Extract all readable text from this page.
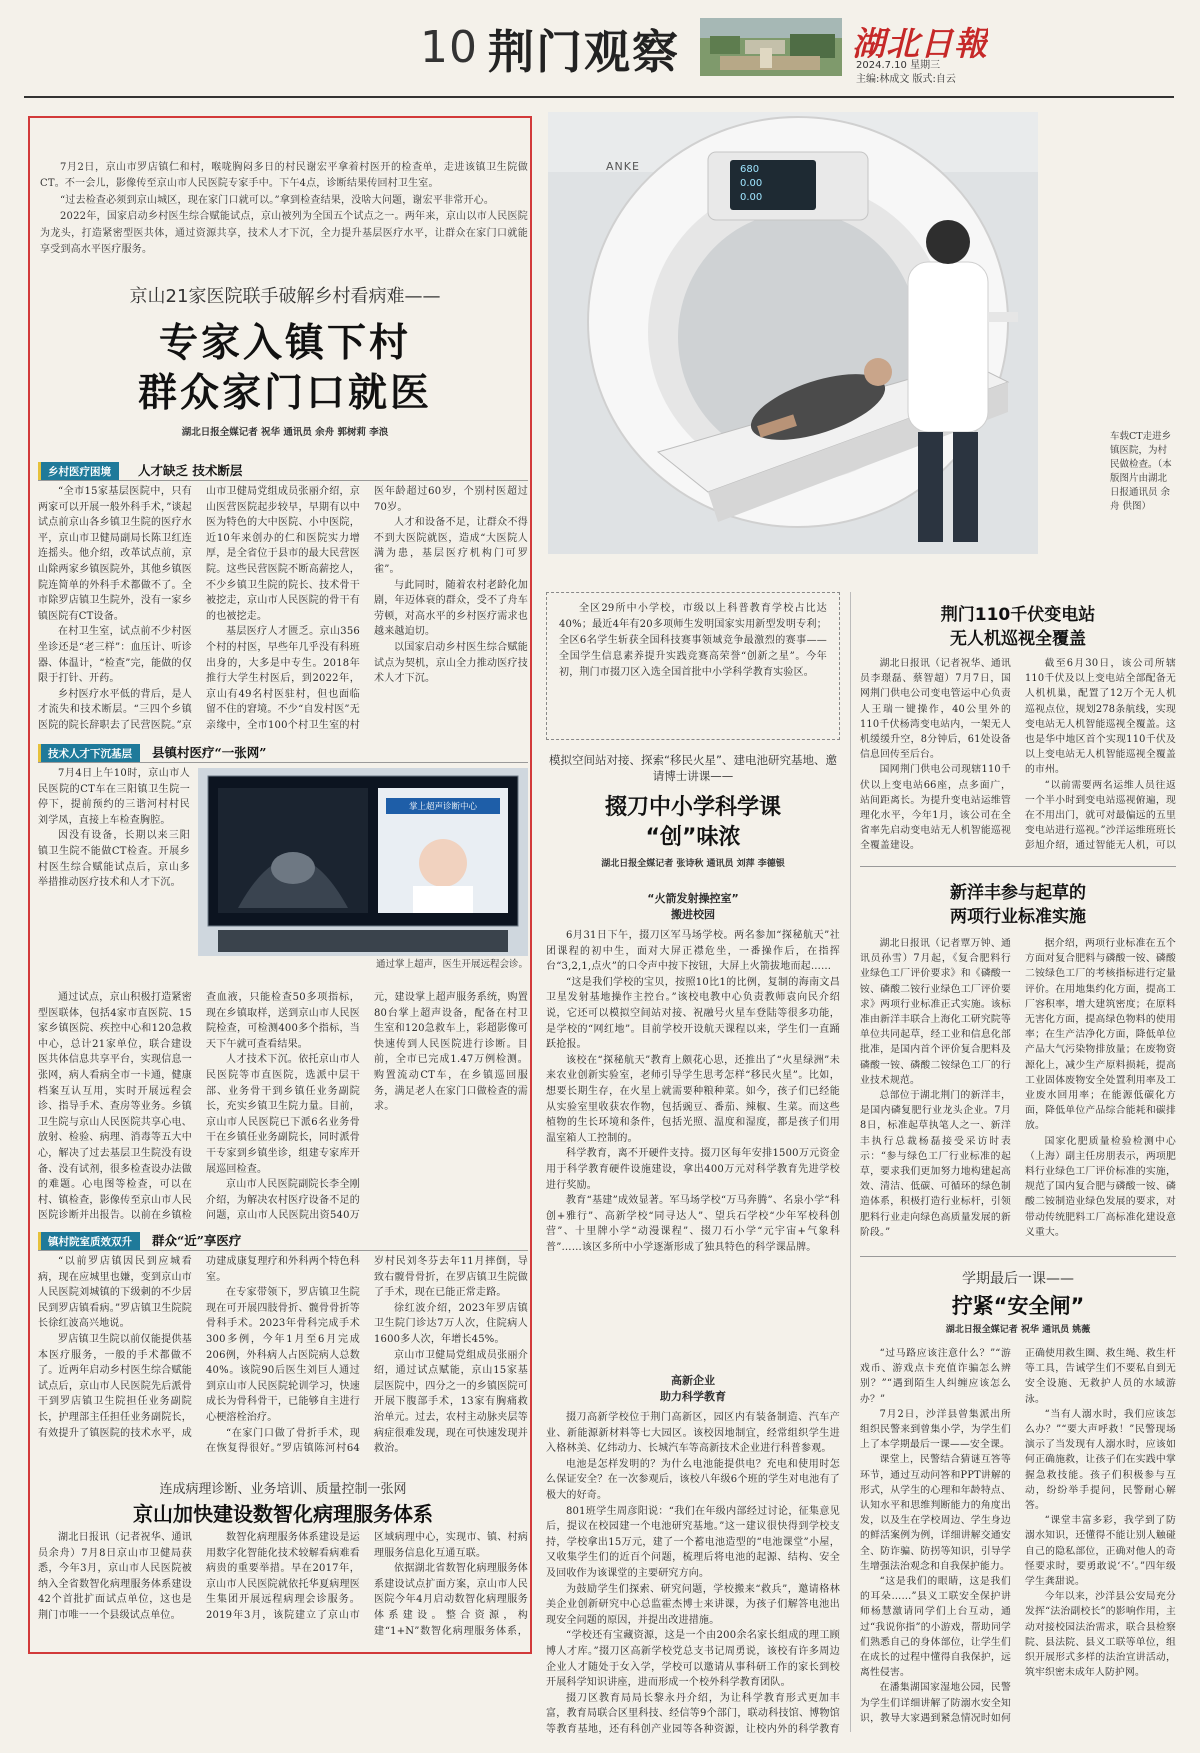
10 荆门观察	湖北日報
2024.7.10 星期三
主编:林成文 版式:自云

7月2日，京山市罗店镇仁和村，喉咙胸闷多日的村民谢宏平拿着村医开的检查单，走进该镇卫生院做CT。不一会儿，影像传至京山市人民医院专家手中。下午4点，诊断结果传回村卫生室。

“过去检查必须到京山城区，现在家门口就可以。”拿到检查结果，没啥大问题，谢宏平非常开心。

2022年，国家启动乡村医生综合赋能试点，京山被列为全国五个试点之一。两年来，京山以市人民医院为龙头，打造紧密型医共体，通过资源共享，技术人才下沉，全力提升基层医疗水平，让群众在家门口就能享受到高水平医疗服务。

京山21家医院联手破解乡村看病难——
专家入镇下村
群众家门口就医
湖北日报全媒记者 祝华 通讯员 余舟 郭树莉 李浪
ANKE	680
0.00
0.00
车载CT走进乡镇医院，为村民做检查。（本版图片由湖北日报通讯员 余舟 供图）
乡村医疗困境	人才缺乏 技术断层

“全市15家基层医院中，只有两家可以开展一般外科手术，”谈起试点前京山各乡镇卫生院的医疗水平，京山市卫健局副局长陈卫红连连摇头。他介绍，改革试点前，京山除两家乡镇医院外，其他乡镇医院连简单的外科手术都做不了。全市除罗店镇卫生院外，没有一家乡镇医院有CT设备。

在村卫生室，试点前不少村医坐诊还是“老三样”：血压计、听诊器、体温计，“检查”完，能做的仅限于打针、开药。

乡村医疗水平低的背后，是人才流失和技术断层。“三四个乡镇医院的院长辞职去了民营医院。”京山市卫健局党组成员张丽介绍，京山医营医院起步较早，早期有以中医为特色的大中医院、小中医院，近10年来创办的仁和医院实力增厚，是全省位于县市的最大民营医院。这些民营医院不断高薪挖人，不少乡镇卫生院的院长、技术骨干被挖走，京山市人民医院的骨干有的也被挖走。

基层医疗人才匮乏。京山356个村的村医，早些年几乎没有科班出身的，大多是中专生。2018年推行大学生村医后，到2022年，京山有49名村医驻村，但也面临留不住的窘境。不少“自发村医”无亲缘中，全市100个村卫生室的村医年龄超过60岁，个别村医超过70岁。

人才和设备不足，让群众不得不到大医院就医，造成“大医院人满为患，基层医疗机构门可罗雀”。

与此同时，随着农村老龄化加剧，年迈体衰的群众，受不了舟车劳顿，对高水平的乡村医疗需求也越来越迫切。

以国家启动乡村医生综合赋能试点为契机，京山全力推动医疗技术人才下沉。

技术人才下沉基层	县镇村医疗“一张网”
掌上超声诊断中心
通过掌上超声，医生开展远程会诊。

7月4日上午10时，京山市人民医院的CT车在三阳镇卫生院一停下，提前预约的三谐河村村民刘学凤，直接上车检查胸腔。

因没有设备，长期以来三阳镇卫生院不能做CT检查。开展乡村医生综合赋能试点后，京山多举措推动医疗技术和人才下沉。

通过试点，京山积极打造紧密型医联体，包括4家市直医院、15家乡镇医院、疾控中心和120急救中心，总计21家单位，联合建设医共体信息共享平台，实现信息一张网，病人看病全市一卡通，健康档案互认互用，实时开展远程会诊、指导手术、查房等业务。乡镇卫生院与京山人民医院共享心电、放射、检验、病理、消毒等五大中心，解决了过去基层卫生院没有设备、没有试剂，很多检查设办法做的难题。心电图等检查，可以在村、镇检查，影像传至京山市人民医院诊断并出报告。以前在乡镇检查血液，只能检查50多项指标，现在乡镇取样，送到京山市人民医院检查，可检测400多个指标，当天下午就可查看结果。

人才技术下沉。依托京山市人民医院等市直医院，选派中层干部、业务骨干到乡镇任业务副院长，充实乡镇卫生院力量。目前，京山市人民医院已下派6名业务骨干在乡镇任业务副院长，同时派骨干专家到乡镇坐诊，组建专家库开展巡回检查。

京山市人民医院副院长李全刚介绍，为解决农村医疗设备不足的问题，京山市人民医院出资540万元，建设掌上超声服务系统，购置80台掌上超声设备，配备在村卫生室和120急救车上，彩超影像可快速传到人民医院进行诊断。目前，全市已完成1.47万例检测。购置流动CT车，在乡镇巡回服务，满足老人在家门口做检查的需求。

镇村院室质效双升	群众“近”享医疗

“以前罗店镇因民到应城看病，现在应城里也嫌，变到京山市人民医院刘城镇的下级刺的不少居民到罗店镇看病。”罗店镇卫生院院长徐红波高兴地说。

罗店镇卫生院以前仅能提供基本医疗服务，一般的手术都做不了。近两年启动乡村医生综合赋能试点后，京山市人民医院先后派骨干到罗店镇卫生院担任业务副院长，护理部主任担任业务副院长，有效提升了镇医院的技术水平，成功建成康复理疗和外科两个特色科室。

在专家带领下，罗店镇卫生院现在可开展四肢骨折、髋骨骨折等骨科手术。2023年骨科完成手术300多例，今年1月至6月完成206例，外科病人占医院病人总数40%。该院90后医生刘巨人通过到京山市人民医院轮训学习，快速成长为骨科骨干，已能够自主进行心梗溶栓治疗。

“在家门口做了骨折手术，现在恢复得很好。”罗店镇陈河村64岁村民刘冬芬去年11月摔倒，导致右髋骨骨折，在罗店镇卫生院做了手术，现在已能正常走路。

徐红波介绍，2023年罗店镇卫生院门诊达7万人次，住院病人1600多人次，年增长45%。

京山市卫健局党组成员张丽介绍，通过试点赋能，京山15家基层医院中，四分之一的乡镇医院可开展下腹部手术，13家有胸痛救治单元。过去，农村主动脉夹层等病症很难发现，现在可快速发现并救治。

连成病理诊断、业务培训、质量控制一张网
京山加快建设数智化病理服务体系

湖北日报讯（记者祝华、通讯员余舟）7月8日京山市卫健局获悉，今年3月，京山市人民医院被纳入全省数智化病理服务体系建设42个首批扩面试点单位，这也是荆门市唯一一个县级试点单位。

数智化病理服务体系建设是运用数字化智能化技术较解看病难看病贵的重要举措。早在2017年，京山市人民医院就依托华夏病理医生集团开展远程病理会诊服务。2019年3月，该院建立了京山市区域病理中心，实现市、镇、村病理服务信息化互通互联。

依据湖北省数智化病理服务体系建设试点扩面方案，京山市人民医院今年4月启动数智化病理服务体系建设。整合资源，构建“1+N”数智化病理服务体系，

全区29所中小学校，市级以上科普教育学校占比达40%；最近4年有20多项师生发明国家实用新型发明专利；全区6名学生斩获全国科技赛事领域竞争最激烈的赛事——全国学生信息素养提升实践竞赛高荣誉“创新之星”。今年初，荆门市掇刀区入选全国首批中小学科学教育实验区。
模拟空间站对接、探索“移民火星”、建电池研究基地、邀请博士讲课——
掇刀中小学科学课
“创”味浓
湖北日报全媒记者 张诗秋 通讯员 刘萍 李德银
“火箭发射操控室”
搬进校园

6月31日下午，掇刀区军马场学校。两名参加“探秘航天”社团课程的初中生，面对大屏正襟危坐，一番操作后，在指挥台“3,2,1,点火”的口令声中按下按钮，大屏上火箭拔地而起……

“这是我们学校的宝贝，按照10比1的比例，复制的海南文昌卫星发射基地操作主控台。”该校电教中心负责教师袁向民介绍说，它还可以模拟空间站对接、祝融号火星车登陆等很多功能，是学校的“网红地”。目前学校开设航天课程以来，学生们一直踊跃抢报。

该校在“探秘航天”教育上颇花心思，还推出了“火星绿洲”未来农业创新实验室，老师引导学生思考怎样“移民火星”。比如，想要长期生存，在火星上就需要种粮种菜。如今，孩子们已经能从实验室里收获农作物，包括豌豆、番茄、辣椒、生菜。而这些植物的生长环境和条件，包括光照、温度和湿度，都是孩子们用温室箱人工控制的。

科学教育，离不开硬件支持。掇刀区每年安排1500万元资金用于科学教育硬件设施建设，拿出400万元对科学教育先进学校进行奖励。

教育“基建”成效显著。军马场学校“万马奔腾”、名泉小学“科创+雅行”、高新学校“同寻达人”、望兵石学校“少年军校科创营”、十里牌小学“动漫课程”、掇刀石小学“元宇宙+气象科普”……该区多所中小学逐渐形成了独具特色的科学课品牌。

高新企业
助力科学教育

掇刀高新学校位于荆门高新区，园区内有装备制造、汽车产业、新能源新材料等七大园区。该校因地制宜，经常组织学生进入格林美、亿纬动力、长城汽车等高新技术企业进行科普参观。

电池是怎样发明的？为什么电池能提供电？充电和使用时怎么保证安全？在一次参观后，该校八年级6个班的学生对电池有了极大的好奇。

801班学生周彦阳说：“我们在年级内部经过讨论，征集意见后，提议在校园建一个电池研究基地。”这一建议很快得到学校支持，学校拿出15万元，建了一个蓄电池造型的“电池课堂”小屋，又收集学生们的近百个问题，梳理后将电池的起源、结构、安全及回收作为该课堂的主要研究方向。

为鼓励学生们探索、研究问题，学校搬来“救兵”，邀请格林美企业创新研究中心总监霍杰博士来讲课，为孩子们解答电池出现安全问题的原因，并提出改进措施。

“学校还有宝藏资源，这是一个由200余名家长组成的理工顾博人才库。”掇刀区高新学校党总支书记周勇说，该校有许多周边企业人才随处于女入学，学校可以邀请从事科研工作的家长到校开展科学知识讲座，进而形成一个校外科学教育团队。

掇刀区教育局局长黎永丹介绍，为让科学教育形式更加丰富，教育局联合区里科技、经信等9个部门，联动科技馆、博物馆等教育基地，还有科创产业园等各种资源，让校内外的科学教育

荆门110千伏变电站
无人机巡视全覆盖

湖北日报讯（记者祝华、通讯员李璟磊、蔡智超）7月7日，国网荆门供电公司变电管运中心负责人王瑞一键操作，40公里外的110千伏杨湾变电站内，一架无人机缓缓升空，8分钟后，61处设备信息回传至后台。

国网荆门供电公司现辖110千伏以上变电站66座，点多面广，站间距离长。为提升变电站运维管理化水平，今年1月，该公司在全省率先启动变电站无人机智能巡视全覆盖建设。

截至6月30日，该公司所辖110千伏及以上变电站全部配备无人机机巢，配置了12万个无人机巡视点位，规划278条航线，实现变电站无人机智能巡视全覆盖。这也是华中地区首个实现110千伏及以上变电站无人机智能巡视全覆盖的市州。

“以前需要两名运维人员往返一个半小时到变电站巡视俯遍，现在不用出门，就可对最偏远的五里变电站进行巡视。”沙洋运维班班长彭旭介绍，通过智能无人机，可以

新洋丰参与起草的
两项行业标准实施

湖北日报讯（记者覃万钟、通讯员孙雪）7月起，《复合肥料行业绿色工厂评价要求》和《磷酸一铵、磷酸二铵行业绿色工厂评价要求》两项行业标准正式实施。该标准由新洋丰联合上海化工研究院等单位共同起草，经工业和信息化部批准，是国内首个评价复合肥料及磷酸一铵、磷酸二铵绿色工厂的行业技术规范。

总部位于湖北荆门的新洋丰，是国内磷复肥行业龙头企业。7月8日，标准起草执笔人之一、新洋丰执行总裁杨磊接受采访时表示：“参与绿色工厂行业标准的起草，要求我们更加努力地构建起高效、清洁、低碳、可循环的绿色制造体系，积极打造行业标杆，引领肥料行业走向绿色高质量发展的新阶段。”

据介绍，两项行业标准在五个方面对复合肥料与磷酸一铵、磷酸二铵绿色工厂的考核指标进行定量评价。在用地集约化方面，提高工厂容积率，增大建筑密度；在原料无害化方面，提高绿色物料的使用率；在生产洁净化方面，降低单位产品大气污染物排放量；在废物资源化上，减少生产原料损耗，提高工业固体废物安全处置利用率及工业废水回用率；在能源低碳化方面，降低单位产品综合能耗和碳排放。

国家化肥质量检验检测中心（上海）副主任房朋表示，两项肥料行业绿色工厂评价标准的实施，规范了国内复合肥与磷酸一铵、磷酸二铵制造业绿色发展的要求，对带动传统肥料工厂高标准化建设意义重大。

学期最后一课——
拧紧“安全闸”
湖北日报全媒记者 祝华 通讯员 姚薇

“过马路应该注意什么？”“游戏币、游戏点卡充值诈骗怎么辨别？”“遇到陌生人纠缠应该怎么办？”

7月2日，沙洋县曾集派出所组织民警来到曾集小学，为学生们上了本学期最后一课——安全课。

课堂上，民警结合猜谜互答等环节，通过互动问答和PPT讲解的形式，从学生的心理和年龄特点、认知水平和思维判断能力的角度出发，以及生在学校周边、学生身边的鲜活案例为例，详细讲解交通安全、防诈骗、防拐等知识，引导学生增强法治观念和自我保护能力。

“这是我们的眼睛，这是我们的耳朵……”县义工联安全保护讲师杨慧激请同学们上台互动，通过“我说你指”的小游戏，帮助同学们熟悉自己的身体部位，让学生们在成长的过程中懂得自我保护，远离性侵害。

在潘集湖国家湿地公园，民警为学生们详细讲解了防溺水安全知识，教导大家遇到紧急情况时如何正确使用救生圈、救生绳、救生杆等工具，告诫学生们不要私自到无安全设施、无救护人员的水域游泳。

“当有人溺水时，我们应该怎么办？”“要大声呼救！”民警现场演示了当发现有人溺水时，应该如何正确施救，让孩子们在实践中掌握急救技能。孩子们积极参与互动，纷纷举手提问，民警耐心解答。

“课堂丰富多彩，我学到了防溺水知识，还懂得不能让别人触碰自己的隐私部位，正确对他人的奇怪要求时，要勇敢说‘不’。”四年级学生龚甜说。

今年以来，沙洋县公安局充分发挥“法治副校长”的影响作用，主动对接校园法治需求，联合县检察院、县法院、县义工联等单位，组织开展形式多样的法治宣讲活动，筑牢织密未成年人防护网。
